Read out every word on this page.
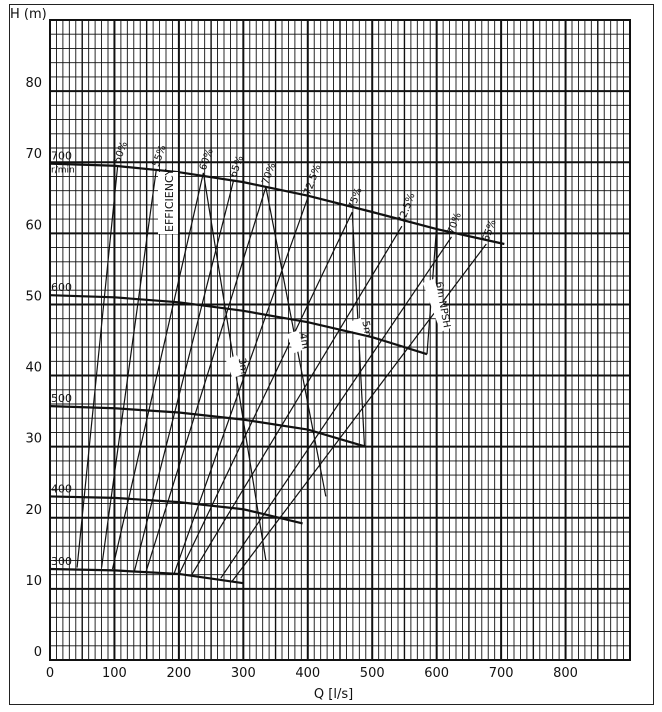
0	100	200	300	400	500	600	700	800
0
10
20
30
40
50
60
70
80
H (m)
Q [l/s]
50% 55%	60% 65% 70% 72.5%
75%	72.5%	70% 65%
3m
4m
5m
6m NPSH
700
600
500
400
300
r/min	EFFICIENCY
